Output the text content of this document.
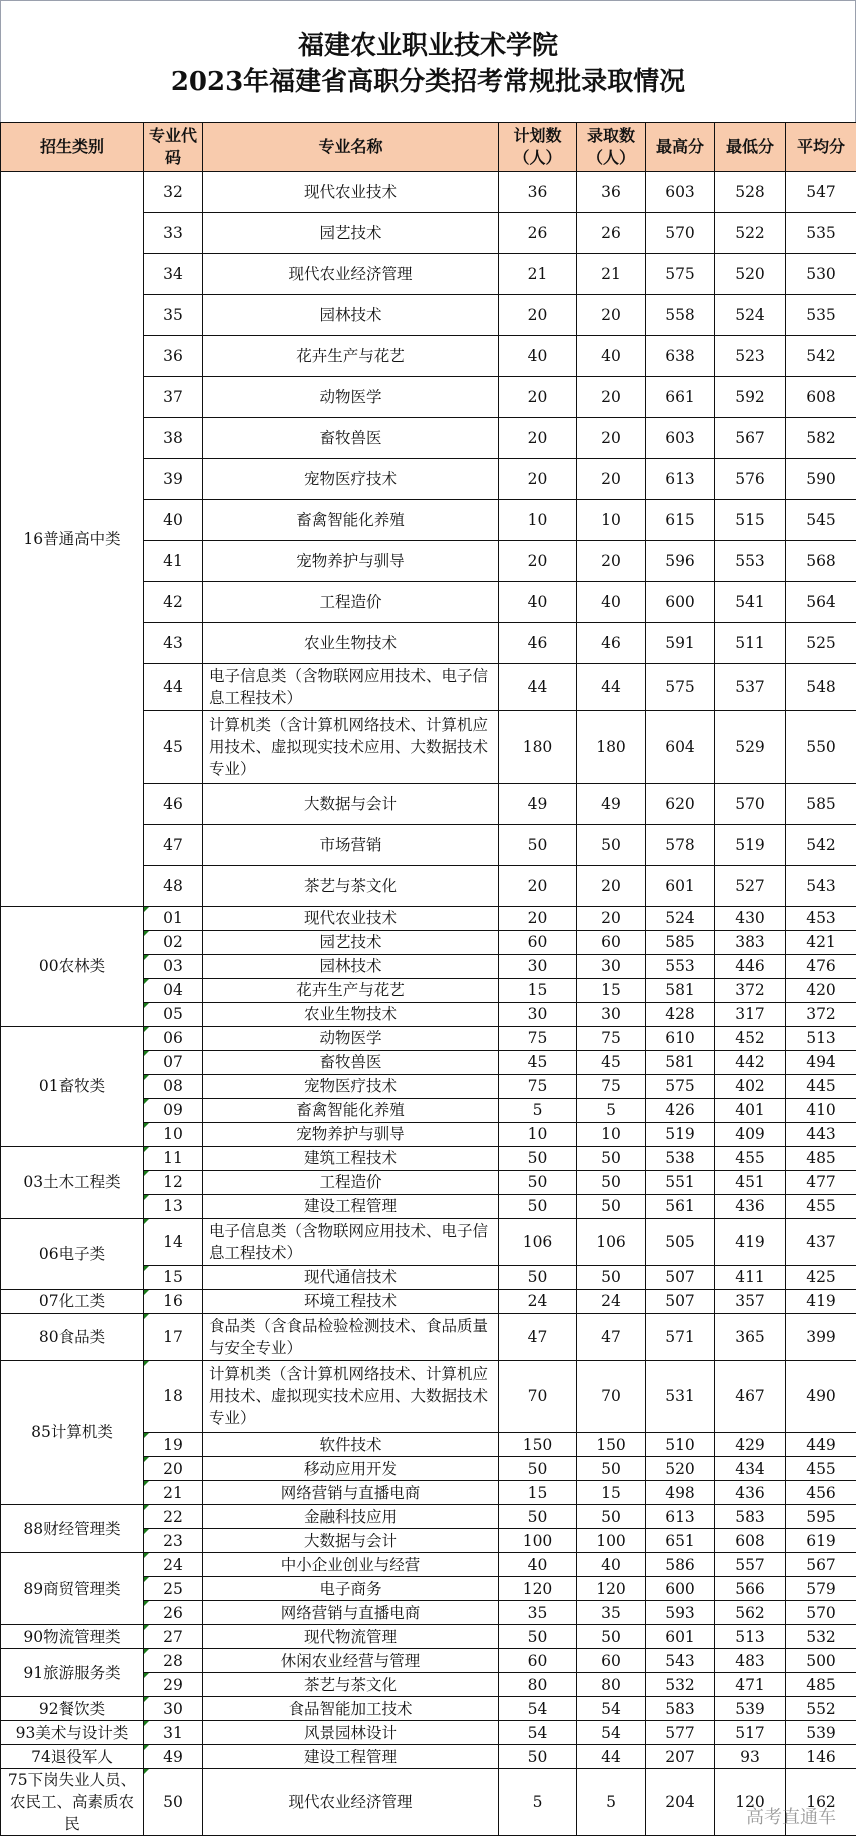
福建农业职业技术学院
2023年福建省高职分类招考常规批录取情况
招生类别	专业代码	专业名称	计划数（人）	录取数（人）	最高分	最低分	平均分
16普通高中类	32	现代农业技术	36	36	603	528	547
	33	园艺技术	26	26	570	522	535
	34	现代农业经济管理	21	21	575	520	530
	35	园林技术	20	20	558	524	535
	36	花卉生产与花艺	40	40	638	523	542
	37	动物医学	20	20	661	592	608
	38	畜牧兽医	20	20	603	567	582
	39	宠物医疗技术	20	20	613	576	590
	40	畜禽智能化养殖	10	10	615	515	545
	41	宠物养护与驯导	20	20	596	553	568
	42	工程造价	40	40	600	541	564
	43	农业生物技术	46	46	591	511	525
	44	电子信息类（含物联网应用技术、电子信息工程技术）	44	44	575	537	548
	45	计算机类（含计算机网络技术、计算机应用技术、虚拟现实技术应用、大数据技术专业）	180	180	604	529	550
	46	大数据与会计	49	49	620	570	585
	47	市场营销	50	50	578	519	542
	48	茶艺与茶文化	20	20	601	527	543
00农林类	01	现代农业技术	20	20	524	430	453
	02	园艺技术	60	60	585	383	421
	03	园林技术	30	30	553	446	476
	04	花卉生产与花艺	15	15	581	372	420
	05	农业生物技术	30	30	428	317	372
01畜牧类	06	动物医学	75	75	610	452	513
	07	畜牧兽医	45	45	581	442	494
	08	宠物医疗技术	75	75	575	402	445
	09	畜禽智能化养殖	5	5	426	401	410
	10	宠物养护与驯导	10	10	519	409	443
03土木工程类	11	建筑工程技术	50	50	538	455	485
	12	工程造价	50	50	551	451	477
	13	建设工程管理	50	50	561	436	455
06电子类	14	电子信息类（含物联网应用技术、电子信息工程技术）	106	106	505	419	437
	15	现代通信技术	50	50	507	411	425
07化工类	16	环境工程技术	24	24	507	357	419
80食品类	17	食品类（含食品检验检测技术、食品质量与安全专业）	47	47	571	365	399
85计算机类	18	计算机类（含计算机网络技术、计算机应用技术、虚拟现实技术应用、大数据技术专业）	70	70	531	467	490
	19	软件技术	150	150	510	429	449
	20	移动应用开发	50	50	520	434	455
	21	网络营销与直播电商	15	15	498	436	456
88财经管理类	22	金融科技应用	50	50	613	583	595
	23	大数据与会计	100	100	651	608	619
89商贸管理类	24	中小企业创业与经营	40	40	586	557	567
	25	电子商务	120	120	600	566	579
	26	网络营销与直播电商	35	35	593	562	570
90物流管理类	27	现代物流管理	50	50	601	513	532
91旅游服务类	28	休闲农业经营与管理	60	60	543	483	500
	29	茶艺与茶文化	80	80	532	471	485
92餐饮类	30	食品智能加工技术	54	54	583	539	552
93美术与设计类	31	风景园林设计	54	54	577	517	539
74退役军人	49	建设工程管理	50	44	207	93	146
75下岗失业人员、农民工、高素质农民	50	现代农业经济管理	5	5	204	120	162
高考直通车
